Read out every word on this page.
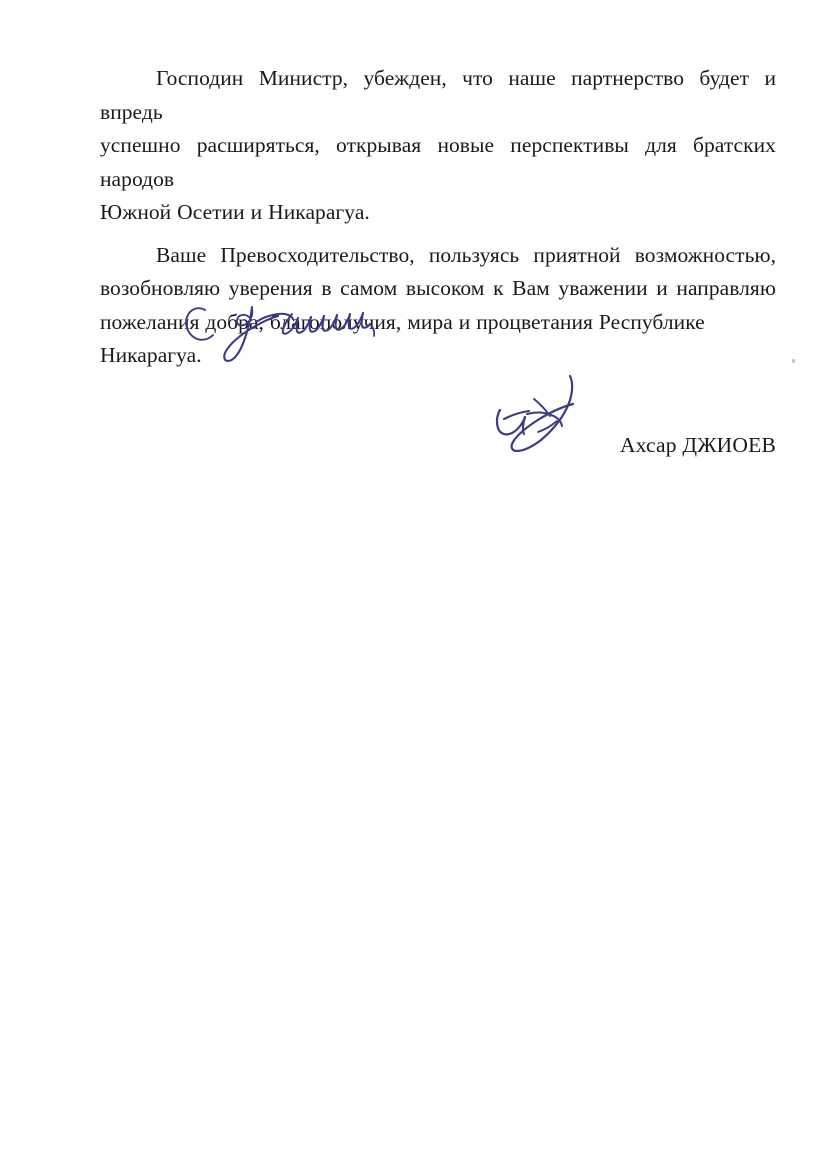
Господин Министр, убежден, что наше партнерство будет и впредь
успешно расширяться, открывая новые перспективы для братских народов
Южной Осетии и Никарагуа.

Ваше Превосходительство, пользуясь приятной возможностью,
возобновляю уверения в самом высоком к Вам уважении и направляю
пожелания добра, благополучия, мира и процветания Республике Никарагуа.

Ахсар ДЖИОЕВ
